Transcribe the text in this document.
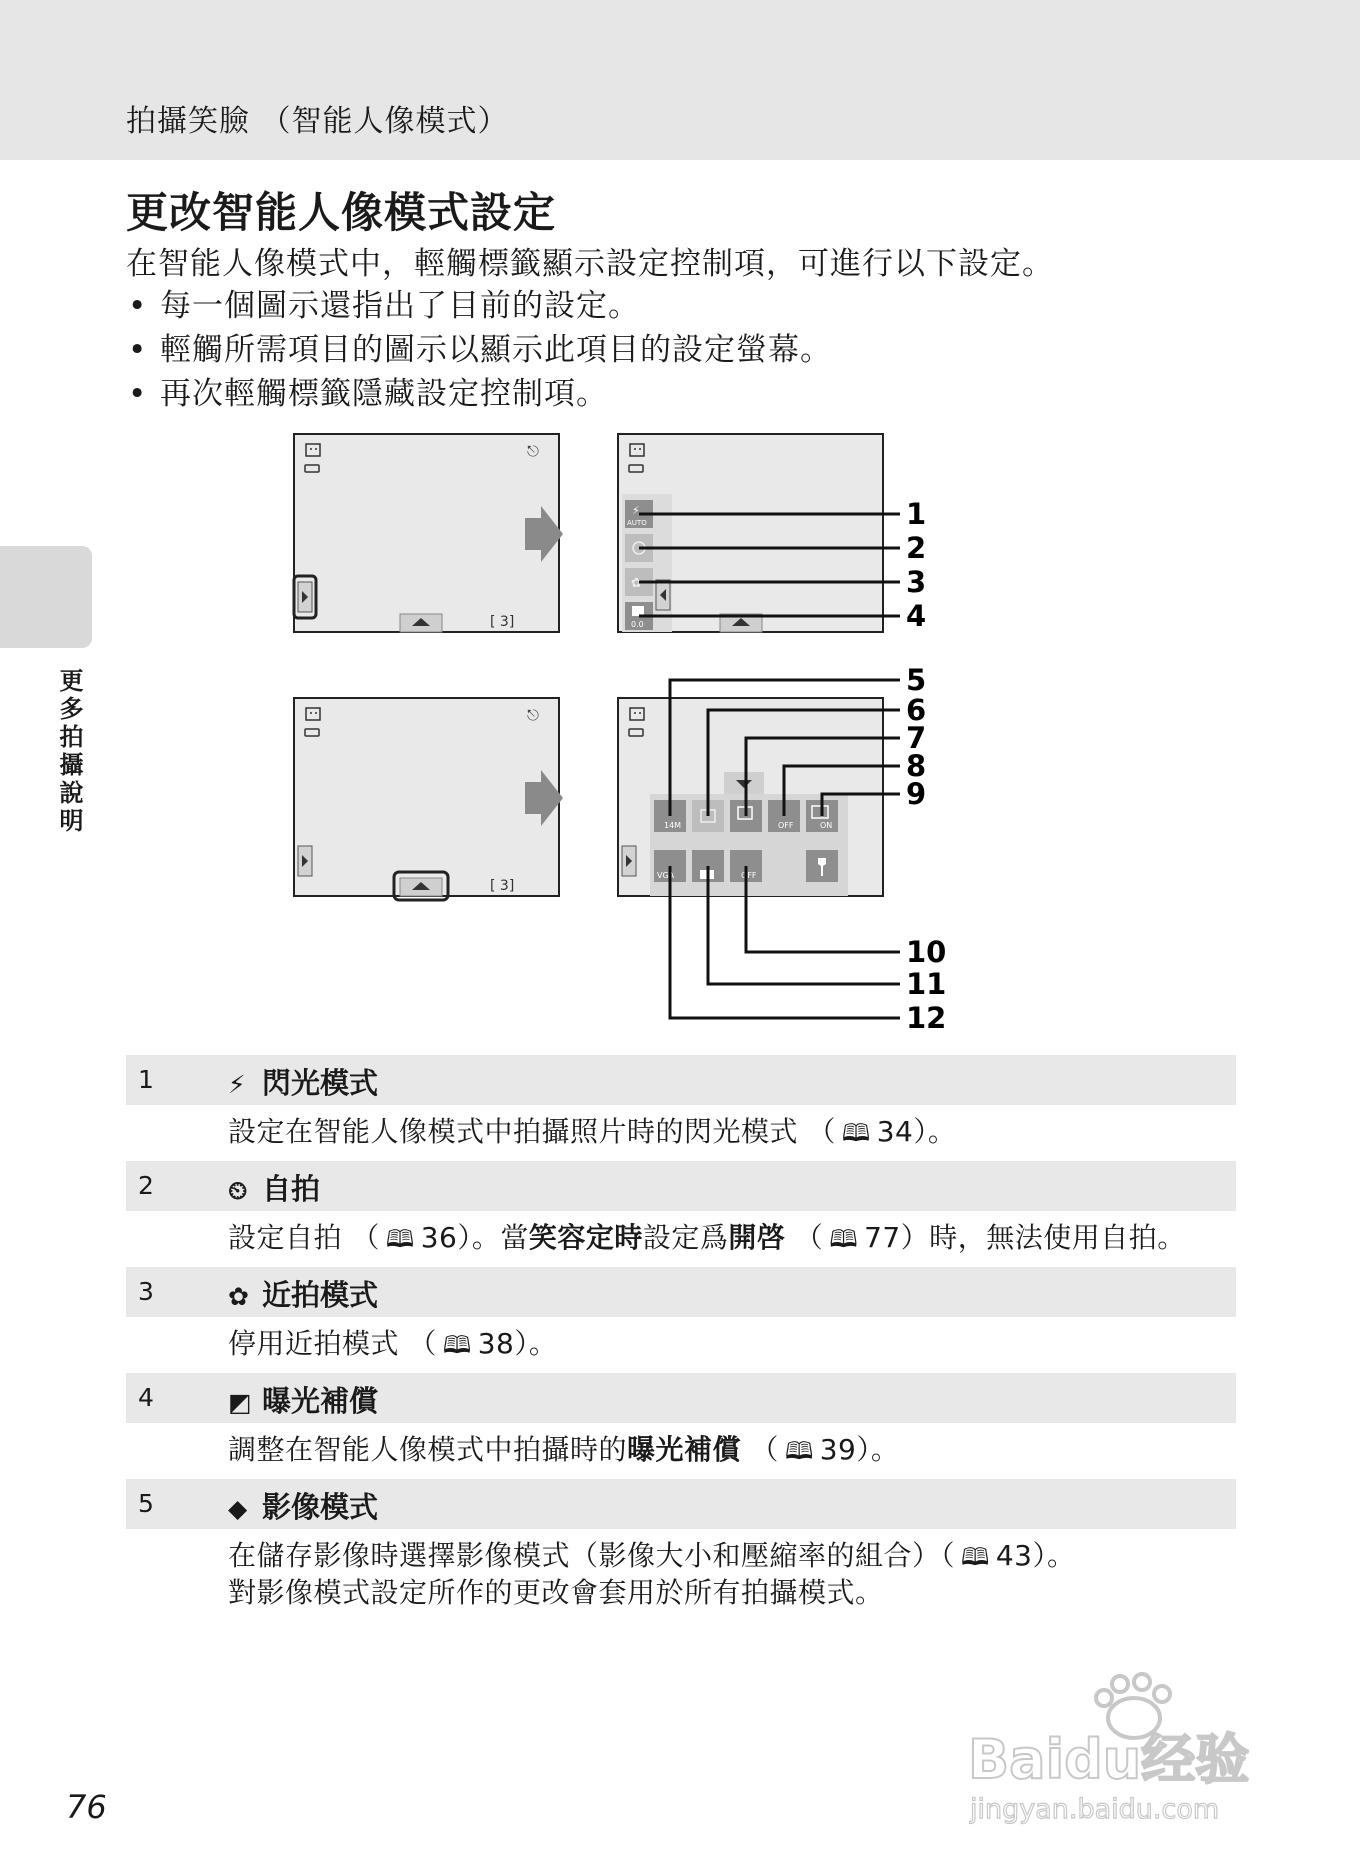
拍攝笑臉 （智能人像模式）
更改智能人像模式設定
在智能人像模式中，輕觸標籤顯示設定控制項，可進行以下設定。
• 每一個圖示還指出了目前的設定。
• 輕觸所需項目的圖示以顯示此項目的設定螢幕。
• 再次輕觸標籤隱藏設定控制項。
更多拍攝說明
⎋
[ 3]
⚡
AUTO
✿
0.0
1
2
3
4
⎋
[ 3]
14M	OFF	ON
VGA	OFF
5
6
7
8
9
10
11
12
1	⚡ 閃光模式
設定在智能人像模式中拍攝照片時的閃光模式 （ 🕮 34）。
2	⏲ 自拍
設定自拍 （ 🕮 36）。當笑容定時設定爲開啓 （ 🕮 77）時，無法使用自拍。
3	✿ 近拍模式
停用近拍模式 （ 🕮 38）。
4	◩ 曝光補償
調整在智能人像模式中拍攝時的曝光補償 （ 🕮 39）。
5	◆ 影像模式
在儲存影像時選擇影像模式（影像大小和壓縮率的組合）（ 🕮 43）。
對影像模式設定所作的更改會套用於所有拍攝模式。
76
Baidu经验
jingyan.baidu.com
